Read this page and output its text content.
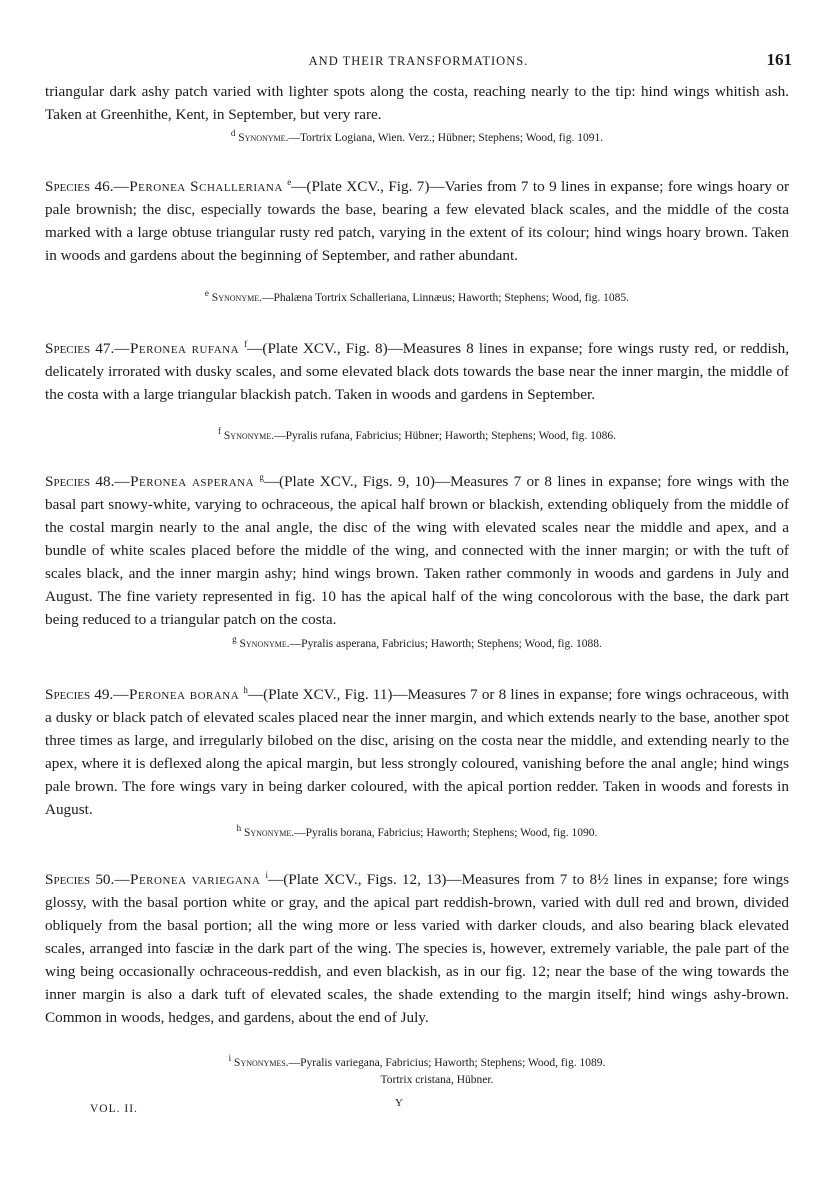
AND THEIR TRANSFORMATIONS.	161

triangular dark ashy patch varied with lighter spots along the costa, reaching nearly to the tip: hind wings whitish ash. Taken at Greenhithe, Kent, in September, but very rare.

$^d$ Synonyme.—Tortrix Logiana, Wien. Verz.; Hübner; Stephens; Wood, fig. 1091.

Species 46.—Peronea Schalleriana $^e$—(Plate XCV., Fig. 7)—Varies from 7 to 9 lines in expanse; fore wings hoary or pale brownish; the disc, especially towards the base, bearing a few elevated black scales, and the middle of the costa marked with a large obtuse triangular rusty red patch, varying in the extent of its colour; hind wings hoary brown. Taken in woods and gardens about the beginning of September, and rather abundant.

$^e$ Synonyme.—Phalæna Tortrix Schalleriana, Linnæus; Haworth; Stephens; Wood, fig. 1085.

Species 47.—Peronea rufana $^f$—(Plate XCV., Fig. 8)—Measures 8 lines in expanse; fore wings rusty red, or reddish, delicately irrorated with dusky scales, and some elevated black dots towards the base near the inner margin, the middle of the costa with a large triangular blackish patch. Taken in woods and gardens in September.

$^f$ Synonyme.—Pyralis rufana, Fabricius; Hübner; Haworth; Stephens; Wood, fig. 1086.

Species 48.—Peronea asperana $^g$—(Plate XCV., Figs. 9, 10)—Measures 7 or 8 lines in expanse; fore wings with the basal part snowy-white, varying to ochraceous, the apical half brown or blackish, extending obliquely from the middle of the costal margin nearly to the anal angle, the disc of the wing with elevated scales near the middle and apex, and a bundle of white scales placed before the middle of the wing, and connected with the inner margin; or with the tuft of scales black, and the inner margin ashy; hind wings brown. Taken rather commonly in woods and gardens in July and August. The fine variety represented in fig. 10 has the apical half of the wing concolorous with the base, the dark part being reduced to a triangular patch on the costa.

$^g$ Synonyme.—Pyralis asperana, Fabricius; Haworth; Stephens; Wood, fig. 1088.

Species 49.—Peronea borana $^h$—(Plate XCV., Fig. 11)—Measures 7 or 8 lines in expanse; fore wings ochraceous, with a dusky or black patch of elevated scales placed near the inner margin, and which extends nearly to the base, another spot three times as large, and irregularly bilobed on the disc, arising on the costa near the middle, and extending nearly to the apex, where it is deflexed along the apical margin, but less strongly coloured, vanishing before the anal angle; hind wings pale brown. The fore wings vary in being darker coloured, with the apical portion redder. Taken in woods and forests in August.

$^h$ Synonyme.—Pyralis borana, Fabricius; Haworth; Stephens; Wood, fig. 1090.

Species 50.—Peronea variegana $^i$—(Plate XCV., Figs. 12, 13)—Measures from 7 to 8½ lines in expanse; fore wings glossy, with the basal portion white or gray, and the apical part reddish-brown, varied with dull red and brown, divided obliquely from the basal portion; all the wing more or less varied with darker clouds, and also bearing black elevated scales, arranged into fasciæ in the dark part of the wing. The species is, however, extremely variable, the pale part of the wing being occasionally ochraceous-reddish, and even blackish, as in our fig. 12; near the base of the wing towards the inner margin is also a dark tuft of elevated scales, the shade extending to the margin itself; hind wings ashy-brown. Common in woods, hedges, and gardens, about the end of July.

$^i$ Synonymes.—Pyralis variegana, Fabricius; Haworth; Stephens; Wood, fig. 1089.
Tortrix cristana, Hübner.
VOL. II.	Y
